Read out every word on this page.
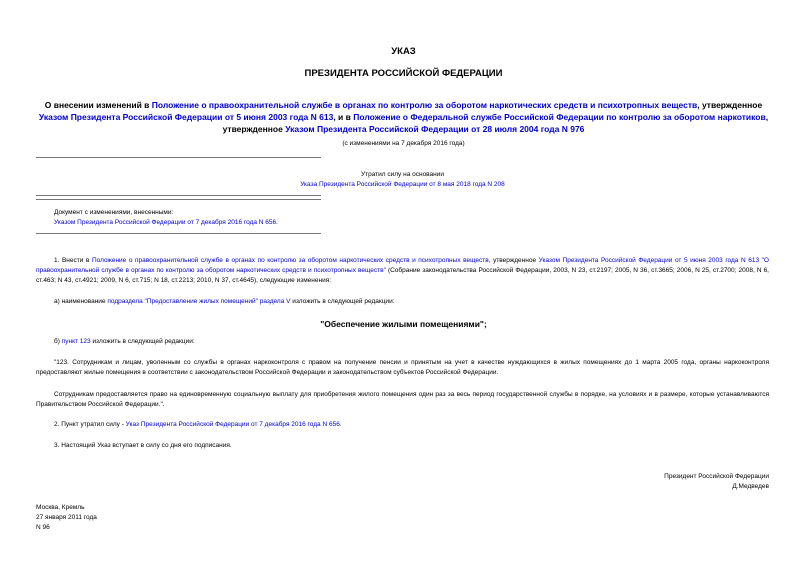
УКАЗ
ПРЕЗИДЕНТА РОССИЙСКОЙ ФЕДЕРАЦИИ
О внесении изменений в Положение о правоохранительной службе в органах по контролю за оборотом наркотических средств и психотропных веществ, утвержденное Указом Президента Российской Федерации от 5 июня 2003 года N 613, и в Положение о Федеральной службе Российской Федерации по контролю за оборотом наркотиков, утвержденное Указом Президента Российской Федерации от 28 июля 2004 года N 976
(с изменениями на 7 декабря 2016 года)
Утратил силу на основании
Указа Президента Российской Федерации от 8 мая 2018 года N 208
Документ с изменениями, внесенными:
Указом Президента Российской Федерации от 7 декабря 2016 года N 656.
1. Внести в Положение о правоохранительной службе в органах по контролю за оборотом наркотических средств и психотропных веществ, утвержденное Указом Президента Российской Федерации от 5 июня 2003 года N 613 "О правоохранительной службе в органах по контролю за оборотом наркотических средств и психотропных веществ" (Собрание законодательства Российской Федерации, 2003, N 23, ст.2197; 2005, N 36, ст.3665; 2006, N 25, ст.2700; 2008, N 6, ст.463; N 43, ст.4921; 2009, N 6, ст.715; N 18, ст.2213; 2010, N 37, ст.4645), следующие изменения:
а) наименование подраздела "Предоставление жилых помещений" раздела V изложить в следующей редакции:
"Обеспечение жилыми помещениями";
б) пункт 123 изложить в следующей редакции:
"123. Сотрудникам и лицам, уволенным со службы в органах наркоконтроля с правом на получение пенсии и принятым на учет в качестве нуждающихся в жилых помещениях до 1 марта 2005 года, органы наркоконтроля предоставляют жилые помещения в соответствии с законодательством Российской Федерации и законодательством субъектов Российской Федерации.
Сотрудникам предоставляется право на единовременную социальную выплату для приобретения жилого помещения один раз за весь период государственной службы в порядке, на условиях и в размере, которые устанавливаются Правительством Российской Федерации.".
2. Пункт утратил силу - Указ Президента Российской Федерации от 7 декабря 2016 года N 656.
3. Настоящий Указ вступает в силу со дня его подписания.
Президент Российской Федерации
Д.Медведев
Москва, Кремль
27 января 2011 года
N 96
